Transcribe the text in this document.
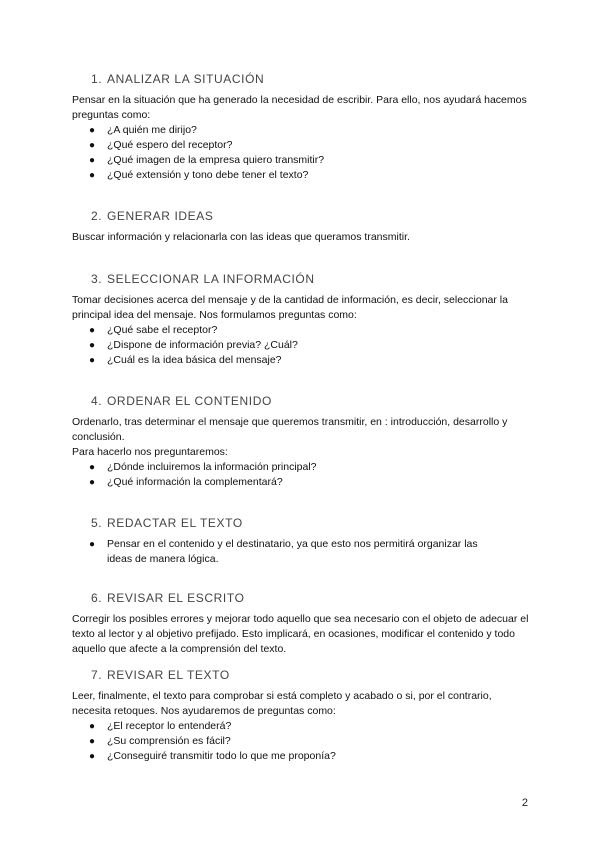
1. ANALIZAR LA SITUACIÓN

Pensar en la situación que ha generado la necesidad de escribir. Para ello, nos ayudará hacemos preguntas como:

● ¿A quién me dirijo?
● ¿Qué espero del receptor?
● ¿Qué imagen de la empresa quiero transmitir?
● ¿Qué extensión y tono debe tener el texto?
2. GENERAR IDEAS

Buscar información y relacionarla con las ideas que queramos transmitir.

3. SELECCIONAR LA INFORMACIÓN

Tomar decisiones acerca del mensaje y de la cantidad de información, es decir, seleccionar la principal idea del mensaje. Nos formulamos preguntas como:

● ¿Qué sabe el receptor?
● ¿Dispone de información previa? ¿Cuál?
● ¿Cuál es la idea básica del mensaje?
4. ORDENAR EL CONTENIDO

Ordenarlo, tras determinar el mensaje que queremos transmitir, en : introducción, desarrollo y conclusión.

Para hacerlo nos preguntaremos:

● ¿Dónde incluiremos la información principal?
● ¿Qué información la complementará?
5. REDACTAR EL TEXTO
● Pensar en el contenido y el destinatario, ya que esto nos permitirá organizar las ideas de manera lógica.
6. REVISAR EL ESCRITO

Corregir los posibles errores y mejorar todo aquello que sea necesario con el objeto de adecuar el texto al lector y al objetivo prefijado. Esto implicará, en ocasiones, modificar el contenido y todo aquello que afecte a la comprensión del texto.

7. REVISAR EL TEXTO

Leer, finalmente, el texto para comprobar si está completo y acabado o si, por el contrario, necesita retoques. Nos ayudaremos de preguntas como:

● ¿El receptor lo entenderá?
● ¿Su comprensión es fácil?
● ¿Conseguiré transmitir todo lo que me proponía?
2
